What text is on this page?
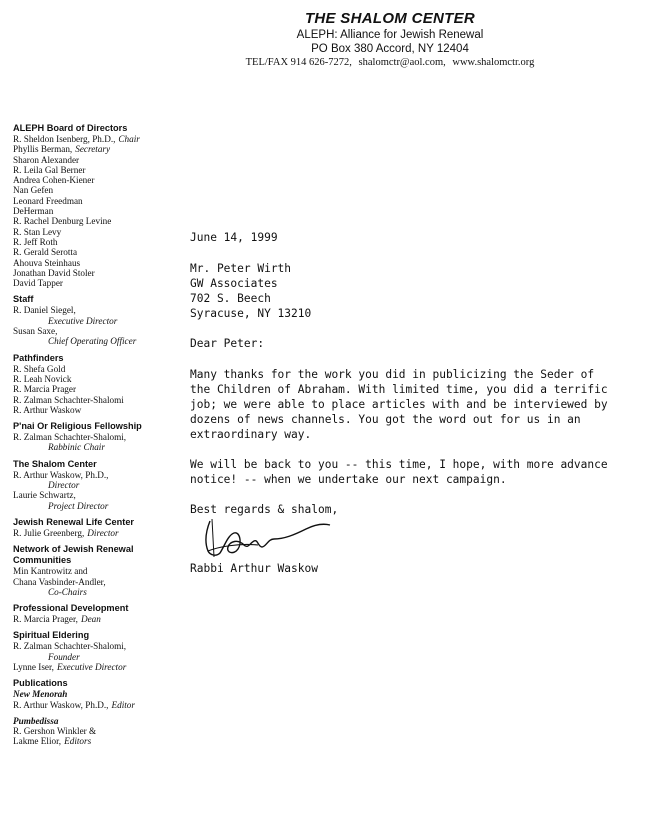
THE SHALOM CENTER
ALEPH: Alliance for Jewish Renewal
PO Box 380 Accord, NY 12404
TEL/FAX 914 626-7272, shalomctr@aol.com, www.shalomctr.org
ALEPH Board of Directors
R. Sheldon Isenberg, Ph.D., Chair
Phyllis Berman, Secretary
Sharon Alexander
R. Leila Gal Berner
Andrea Cohen-Kiener
Nan Gefen
Leonard Freedman
DeHerman
R. Rachel Denburg Levine
R. Stan Levy
R. Jeff Roth
R. Gerald Serotta
Ahouva Steinhaus
Jonathan David Stoler
David Tapper
Staff
R. Daniel Siegel,
Executive Director
Susan Saxe,
Chief Operating Officer
Pathfinders
R. Shefa Gold
R. Leah Novick
R. Marcia Prager
R. Zalman Schachter-Shalomi
R. Arthur Waskow
P'nai Or Religious Fellowship
R. Zalman Schachter-Shalomi,
Rabbinic Chair
The Shalom Center
R. Arthur Waskow, Ph.D.,
Director
Laurie Schwartz,
Project Director
Jewish Renewal Life Center
R. Julie Greenberg, Director
Network of Jewish Renewal Communities
Min Kantrowitz and
Chana Vasbinder-Andler,
Co-Chairs
Professional Development
R. Marcia Prager, Dean
Spiritual Eldering
R. Zalman Schachter-Shalomi,
Founder
Lynne Iser, Executive Director
Publications
New Menorah
R. Arthur Waskow, Ph.D., Editor
Pumbedissa
R. Gershon Winkler &
Lakme Elior, Editors
June 14, 1999
Mr. Peter Wirth
GW Associates
702 S. Beech
Syracuse, NY 13210
Dear Peter:
Many thanks for the work you did in publicizing the Seder of the Children of Abraham. With limited time, you did a terrific job; we were able to place articles with and be interviewed by dozens of news channels. You got the word out for us in an extraordinary way.
We will be back to you -- this time, I hope, with more advance notice! -- when we undertake our next campaign.
Best regards & shalom,
Rabbi Arthur Waskow
